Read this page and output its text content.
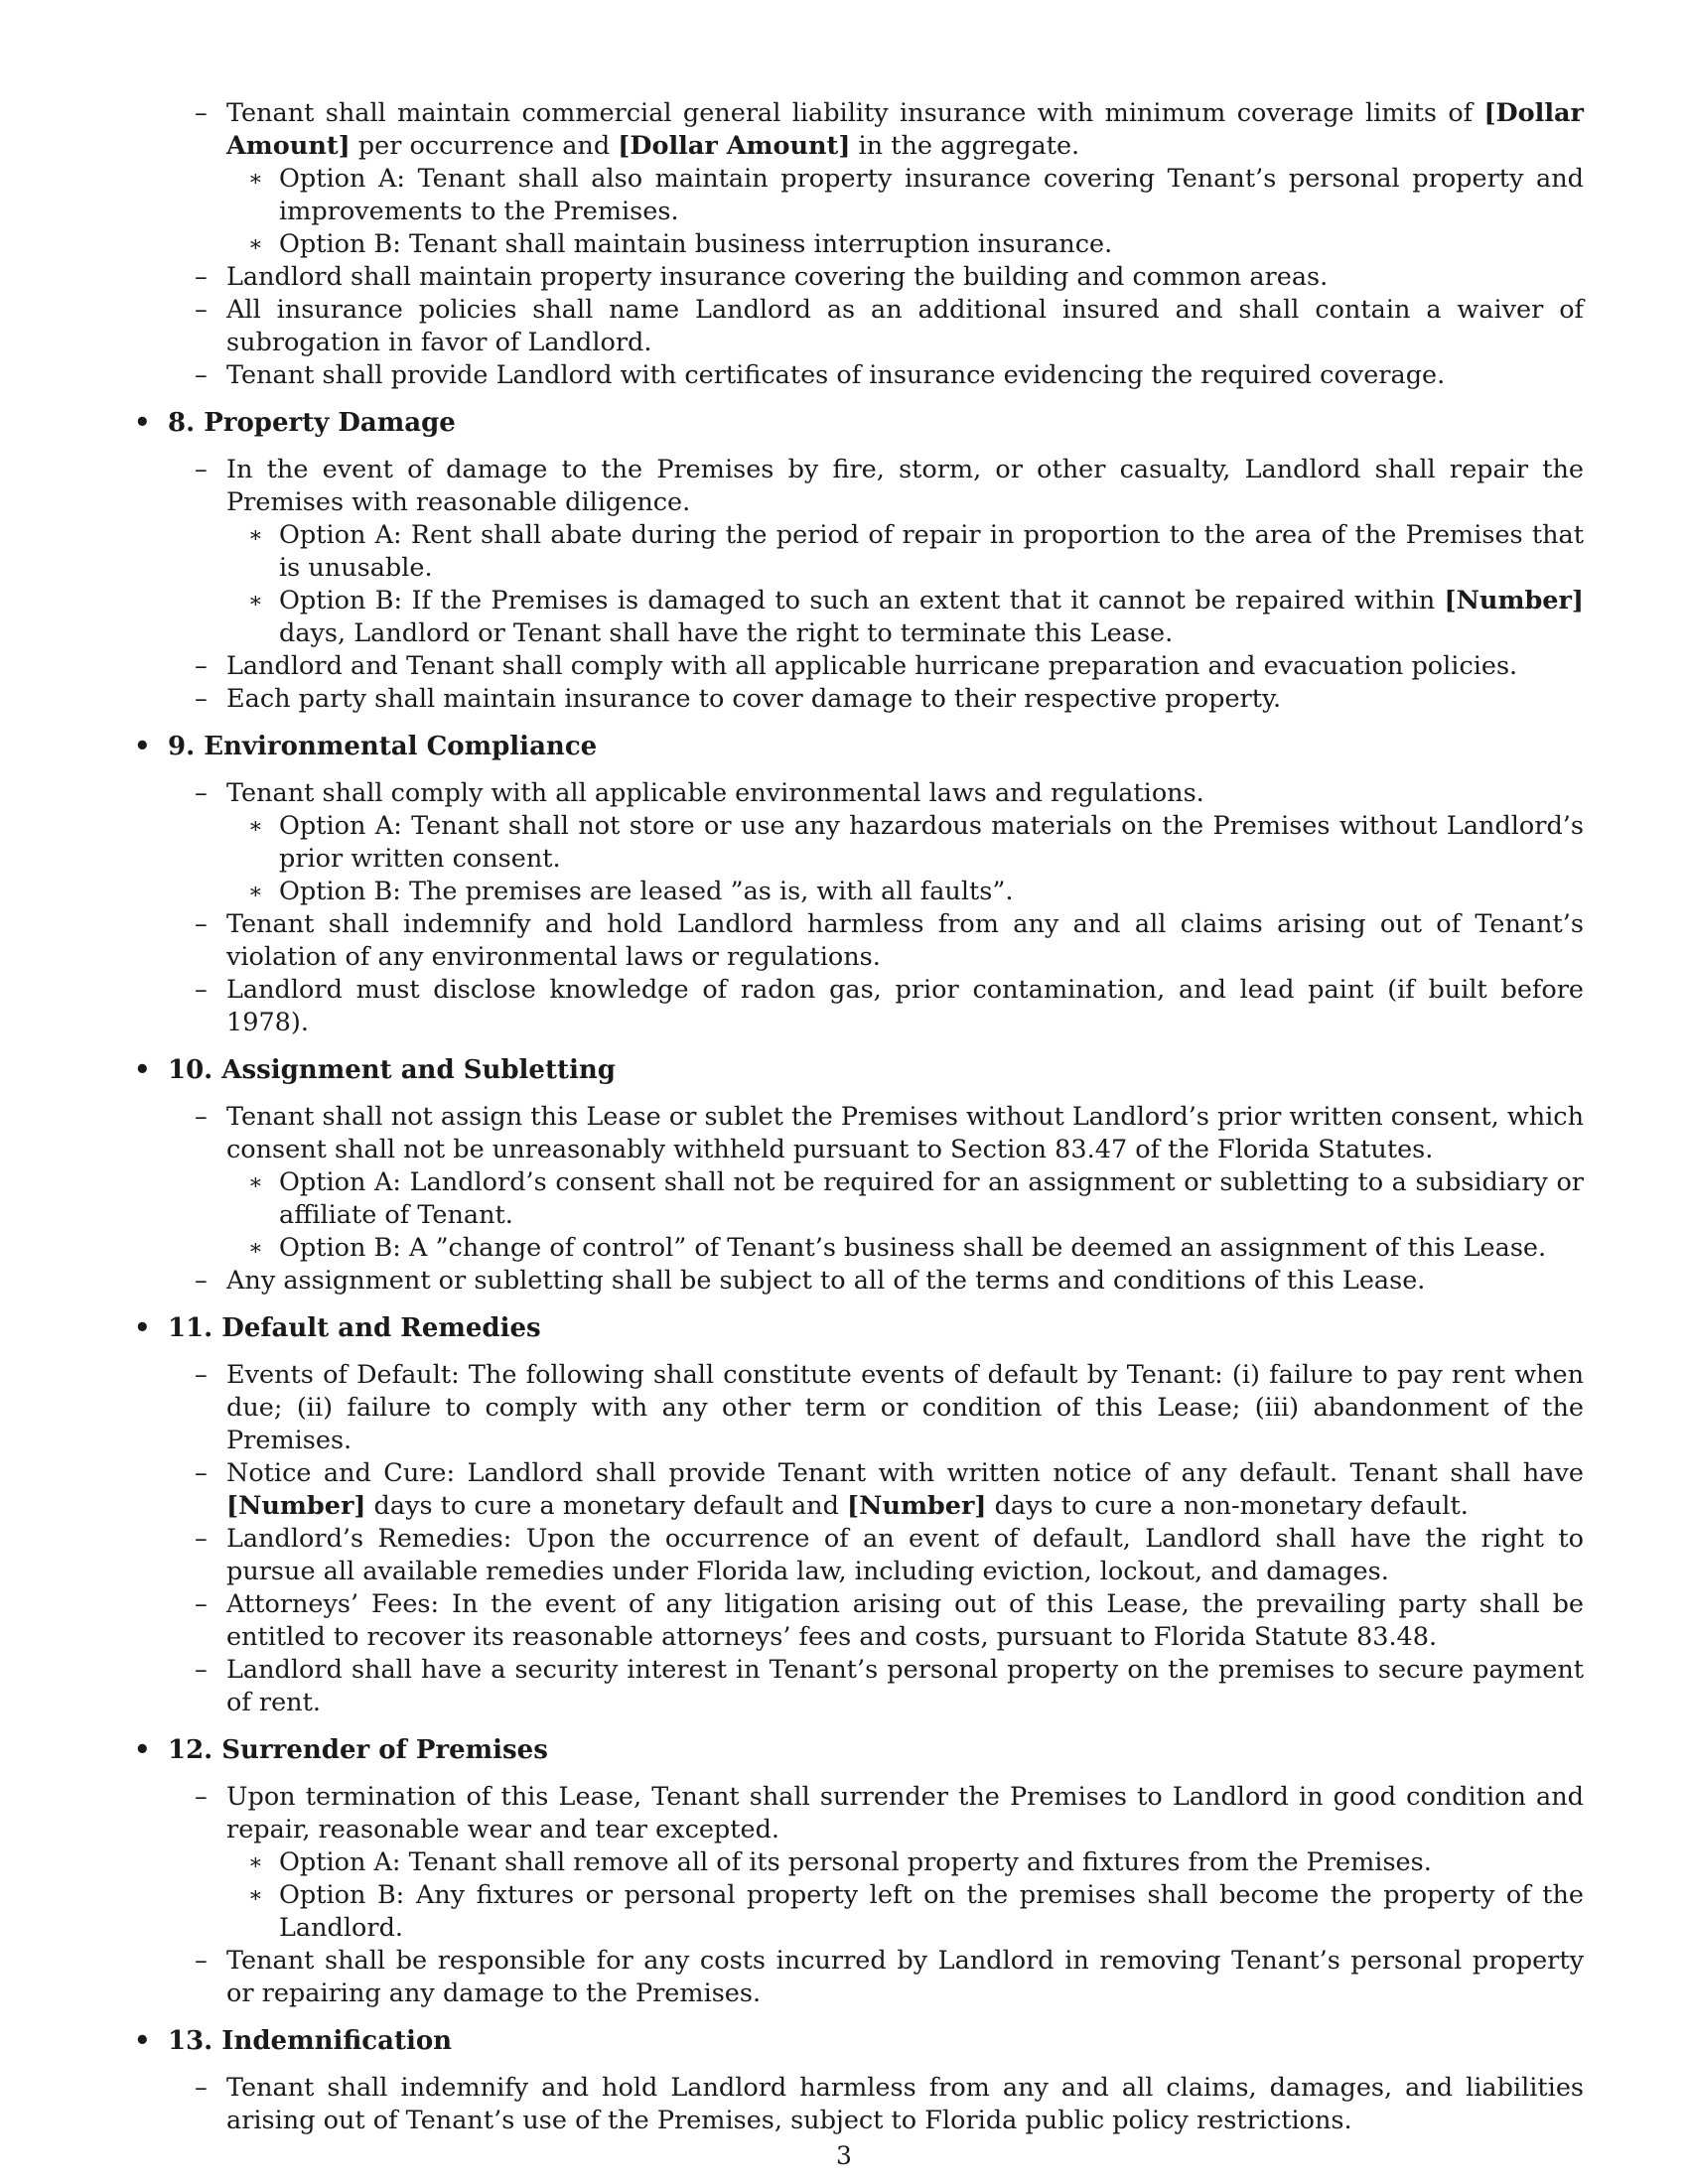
– Tenant shall maintain commercial general liability insurance with minimum coverage limits of [Dollar Amount] per occurrence and [Dollar Amount] in the aggregate.
∗ Option A: Tenant shall also maintain property insurance covering Tenant’s personal property and improvements to the Premises.
∗ Option B: Tenant shall maintain business interruption insurance.
– Landlord shall maintain property insurance covering the building and common areas.
– All insurance policies shall name Landlord as an additional insured and shall contain a waiver of subrogation in favor of Landlord.
– Tenant shall provide Landlord with certificates of insurance evidencing the required coverage.
• 8. Property Damage
– In the event of damage to the Premises by fire, storm, or other casualty, Landlord shall repair the Premises with reasonable diligence.
∗ Option A: Rent shall abate during the period of repair in proportion to the area of the Premises that is unusable.
∗ Option B: If the Premises is damaged to such an extent that it cannot be repaired within [Number] days, Landlord or Tenant shall have the right to terminate this Lease.
– Landlord and Tenant shall comply with all applicable hurricane preparation and evacuation policies.
– Each party shall maintain insurance to cover damage to their respective property.
• 9. Environmental Compliance
– Tenant shall comply with all applicable environmental laws and regulations.
∗ Option A: Tenant shall not store or use any hazardous materials on the Premises without Landlord’s prior written consent.
∗ Option B: The premises are leased ”as is, with all faults”.
– Tenant shall indemnify and hold Landlord harmless from any and all claims arising out of Tenant’s violation of any environmental laws or regulations.
– Landlord must disclose knowledge of radon gas, prior contamination, and lead paint (if built before 1978).
• 10. Assignment and Subletting
– Tenant shall not assign this Lease or sublet the Premises without Landlord’s prior written consent, which consent shall not be unreasonably withheld pursuant to Section 83.47 of the Florida Statutes.
∗ Option A: Landlord’s consent shall not be required for an assignment or subletting to a subsidiary or affiliate of Tenant.
∗ Option B: A ”change of control” of Tenant’s business shall be deemed an assignment of this Lease.
– Any assignment or subletting shall be subject to all of the terms and conditions of this Lease.
• 11. Default and Remedies
– Events of Default: The following shall constitute events of default by Tenant: (i) failure to pay rent when due; (ii) failure to comply with any other term or condition of this Lease; (iii) abandonment of the Premises.
– Notice and Cure: Landlord shall provide Tenant with written notice of any default. Tenant shall have [Number] days to cure a monetary default and [Number] days to cure a non-monetary default.
– Landlord’s Remedies: Upon the occurrence of an event of default, Landlord shall have the right to pursue all available remedies under Florida law, including eviction, lockout, and damages.
– Attorneys’ Fees: In the event of any litigation arising out of this Lease, the prevailing party shall be entitled to recover its reasonable attorneys’ fees and costs, pursuant to Florida Statute 83.48.
– Landlord shall have a security interest in Tenant’s personal property on the premises to secure payment of rent.
• 12. Surrender of Premises
– Upon termination of this Lease, Tenant shall surrender the Premises to Landlord in good condition and repair, reasonable wear and tear excepted.
∗ Option A: Tenant shall remove all of its personal property and fixtures from the Premises.
∗ Option B: Any fixtures or personal property left on the premises shall become the property of the Landlord.
– Tenant shall be responsible for any costs incurred by Landlord in removing Tenant’s personal property or repairing any damage to the Premises.
• 13. Indemnification
– Tenant shall indemnify and hold Landlord harmless from any and all claims, damages, and liabilities arising out of Tenant’s use of the Premises, subject to Florida public policy restrictions.
3
